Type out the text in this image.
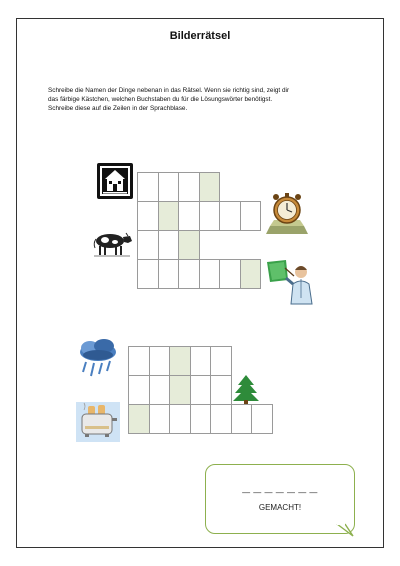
Bilderrätsel
Schreibe die Namen der Dinge nebenan in das Rätsel. Wenn sie richtig sind, zeigt dir
das färbige Kästchen, welchen Buchstaben du für die Lösungswörter benötigst.
Schreibe diese auf die Zeilen in der Sprachblase.
— — — — — — —
GEMACHT!
